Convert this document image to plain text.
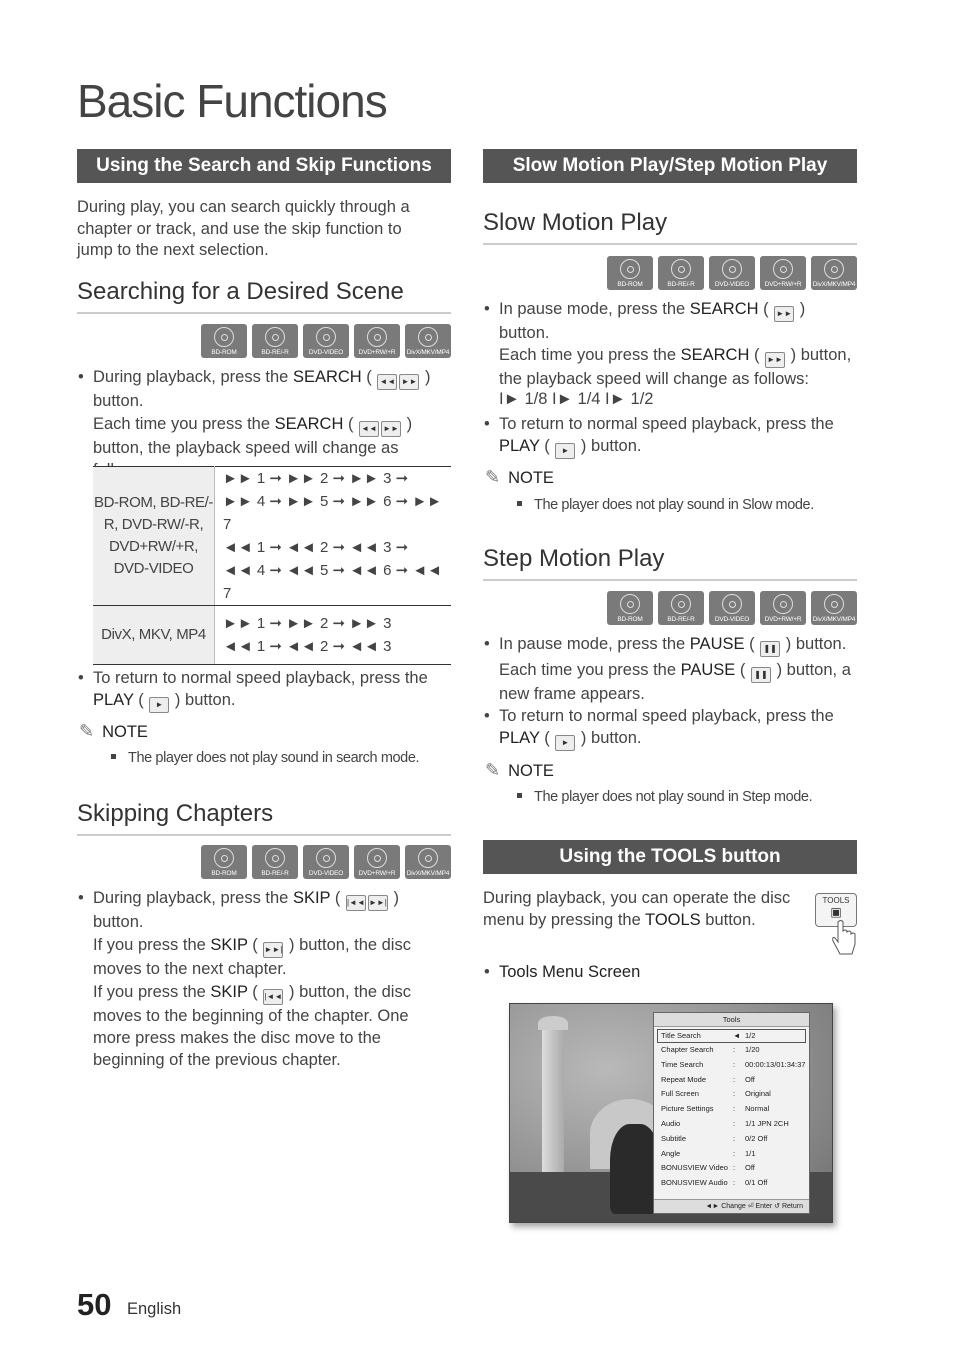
Basic Functions
Using the Search and Skip Functions
During play, you can search quickly through a chapter or track, and use the skip function to jump to the next selection.
Searching for a Desired Scene
BD-ROM	BD-RE/-R	DVD-VIDEO DVD+RW/+R DivX/MKV/MP4
• During playback, press the SEARCH ( ◄◄ ►► ) button.
Each time you press the SEARCH ( ◄◄ ►► ) button, the playback speed will change as
BD-ROM, BD-RE/-R, DVD-RW/-R, DVD+RW/+R, DVD-VIDEO	►► 1 ➞ ►► 2 ➞ ►► 3 ➞
►► 4 ➞ ►► 5 ➞ ►► 6 ➞ ►► 7
◄◄ 1 ➞ ◄◄ 2 ➞ ◄◄ 3 ➞
◄◄ 4 ➞ ◄◄ 5 ➞ ◄◄ 6 ➞ ◄◄ 7

DivX, MKV, MP4	►► 1 ➞ ►► 2 ➞ ►► 3
◄◄ 1 ➞ ◄◄ 2 ➞ ◄◄ 3
• To return to normal speed playback, press the PLAY ( ► ) button.
✎ NOTE
The player does not play sound in search mode.
Skipping Chapters
BD-ROM	BD-RE/-R	DVD-VIDEO DVD+RW/+R DivX/MKV/MP4
• During playback, press the SKIP ( |◄◄ ►►| ) button.
If you press the SKIP ( ►►| ) button, the disc moves to the next chapter.
If you press the SKIP ( |◄◄ ) button, the disc moves to the beginning of the chapter. One more press makes the disc move to the beginning of the previous chapter.
Slow Motion Play/Step Motion Play
Slow Motion Play
BD-ROM	BD-RE/-R	DVD-VIDEO DVD+RW/+R DivX/MKV/MP4
• In pause mode, press the SEARCH ( ►► ) button.
Each time you press the SEARCH ( ►► ) button, the playback speed will change as follows:
I► 1/8 I► 1/4 I► 1/2
• To return to normal speed playback, press the PLAY ( ► ) button.
✎ NOTE
The player does not play sound in Slow mode.
Step Motion Play
BD-ROM	BD-RE/-R	DVD-VIDEO DVD+RW/+R DivX/MKV/MP4
• In pause mode, press the PAUSE ( ❚❚ ) button.
Each time you press the PAUSE ( ❚❚ ) button, a new frame appears.
• To return to normal speed playback, press the PLAY ( ► ) button.
✎ NOTE
The player does not play sound in Step mode.
Using the TOOLS button
During playback, you can operate the disc menu by pressing the TOOLS button.
TOOLS
▣
• Tools Menu Screen
Tools
Title Search	◄ 1/2
Chapter Search	:	1/20
Time Search	:	00:00:13/01:34:37
Repeat Mode	:	Off
Full Screen	:	Original
Picture Settings	:	Normal
Audio	:	1/1 JPN 2CH
Subtitle	:	0/2 Off
Angle	:	1/1
BONUSVIEW Video :	Off
BONUSVIEW Audio :	0/1 Off
◄► Change ⏎ Enter ↺ Return
50 English
